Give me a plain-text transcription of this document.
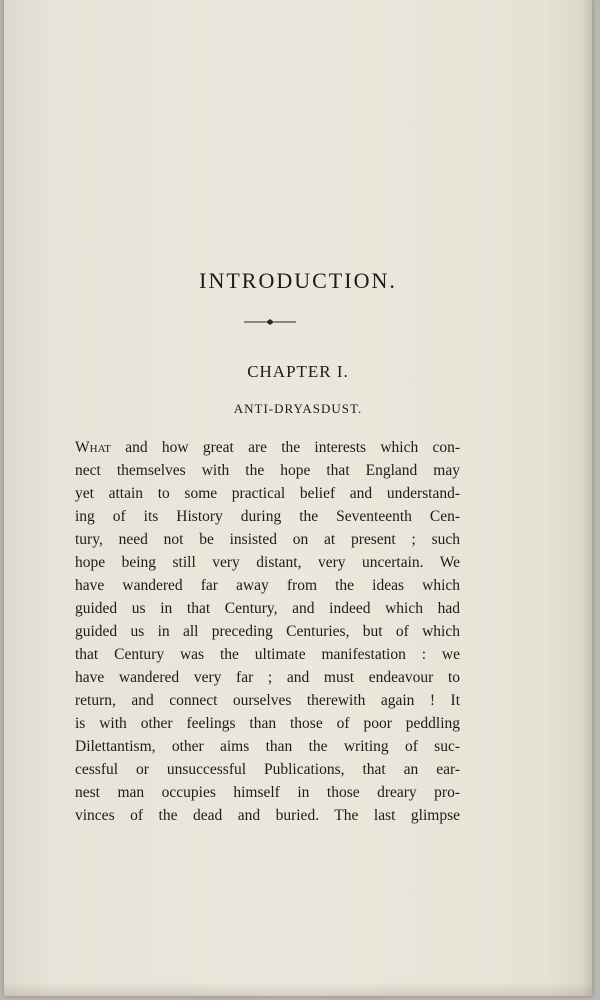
INTRODUCTION.
CHAPTER I.
ANTI-DRYASDUST.
What and how great are the interests which con-
nect themselves with the hope that England may
yet attain to some practical belief and understand-
ing of its History during the Seventeenth Cen-
tury, need not be insisted on at present ; such
hope being still very distant, very uncertain. We
have wandered far away from the ideas which
guided us in that Century, and indeed which had
guided us in all preceding Centuries, but of which
that Century was the ultimate manifestation : we
have wandered very far ; and must endeavour to
return, and connect ourselves therewith again ! It
is with other feelings than those of poor peddling
Dilettantism, other aims than the writing of suc-
cessful or unsuccessful Publications, that an ear-
nest man occupies himself in those dreary pro-
vinces of the dead and buried. The last glimpse
